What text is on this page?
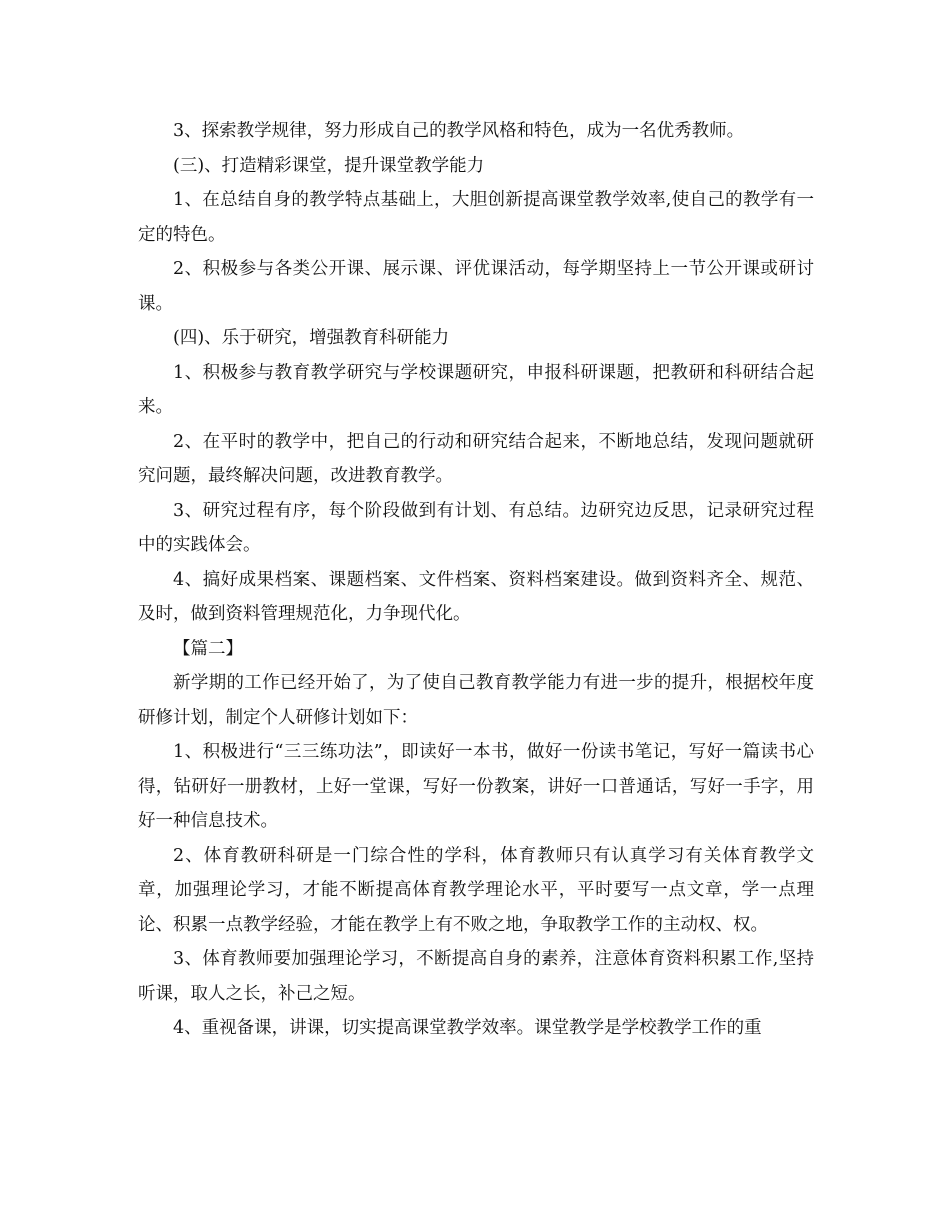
3、探索教学规律，努力形成自己的教学风格和特色，成为一名优秀教师。

(三)、打造精彩课堂，提升课堂教学能力

1、在总结自身的教学特点基础上，大胆创新提高课堂教学效率,使自己的教学有一定的特色。

2、积极参与各类公开课、展示课、评优课活动，每学期坚持上一节公开课或研讨课。

(四)、乐于研究，增强教育科研能力

1、积极参与教育教学研究与学校课题研究，申报科研课题，把教研和科研结合起来。

2、在平时的教学中，把自己的行动和研究结合起来，不断地总结，发现问题就研究问题，最终解决问题，改进教育教学。

3、研究过程有序，每个阶段做到有计划、有总结。边研究边反思，记录研究过程中的实践体会。

4、搞好成果档案、课题档案、文件档案、资料档案建设。做到资料齐全、规范、及时，做到资料管理规范化，力争现代化。

【篇二】

新学期的工作已经开始了，为了使自己教育教学能力有进一步的提升，根据校年度研修计划，制定个人研修计划如下：

1、积极进行“三三练功法”，即读好一本书，做好一份读书笔记，写好一篇读书心得，钻研好一册教材，上好一堂课，写好一份教案，讲好一口普通话，写好一手字，用好一种信息技术。

2、体育教研科研是一门综合性的学科，体育教师只有认真学习有关体育教学文章，加强理论学习，才能不断提高体育教学理论水平，平时要写一点文章，学一点理论、积累一点教学经验，才能在教学上有不败之地，争取教学工作的主动权、权。

3、体育教师要加强理论学习，不断提高自身的素养，注意体育资料积累工作,坚持听课，取人之长，补己之短。

4、重视备课，讲课，切实提高课堂教学效率。课堂教学是学校教学工作的重
